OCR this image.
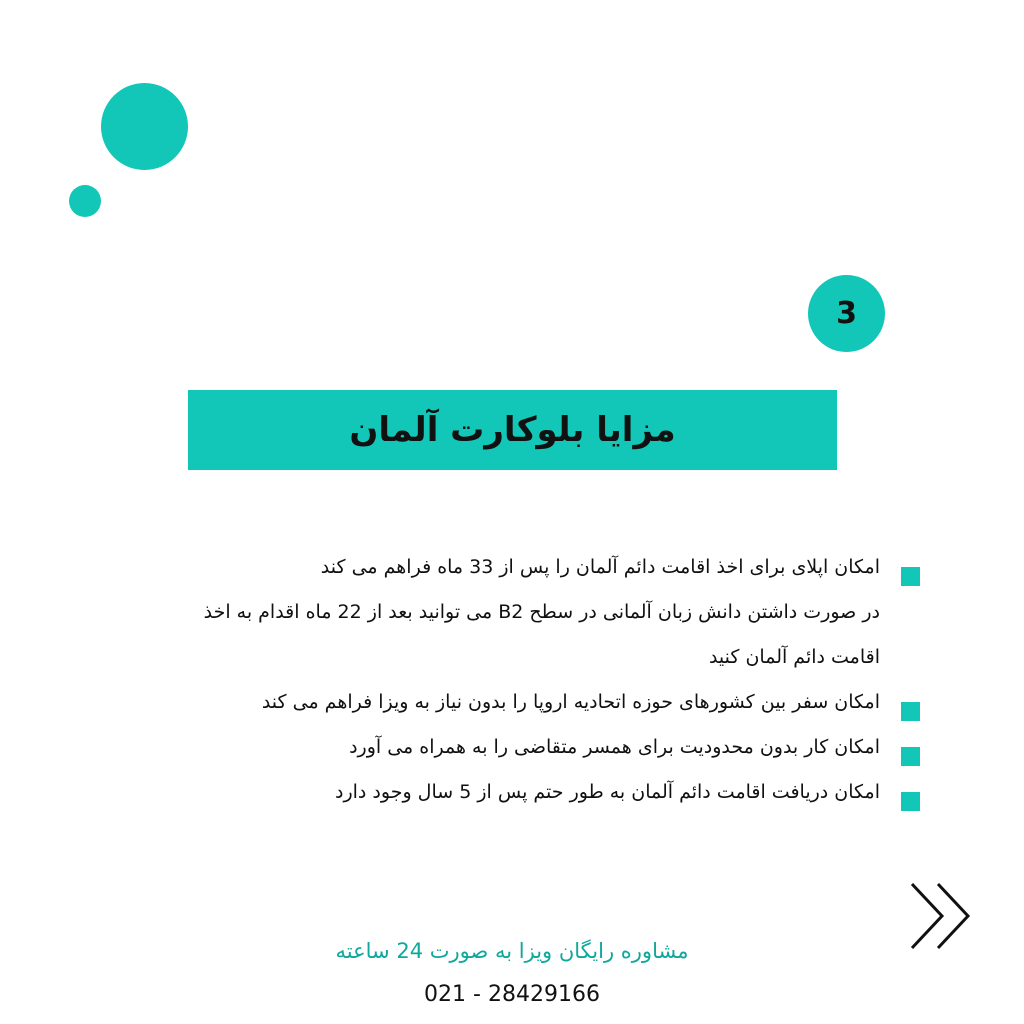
3
مزایا بلوکارت آلمان
امکان اپلای برای اخذ اقامت دائم آلمان را پس از 33 ماه فراهم می کند
در صورت داشتن دانش زبان آلمانی در سطح B2 می توانید بعد از 22 ماه اقدام به اخذ
اقامت دائم آلمان کنید
امکان سفر بین کشورهای حوزه اتحادیه اروپا را بدون نیاز به ویزا فراهم می کند
امکان کار بدون محدودیت برای همسر متقاضی را به همراه می آورد
امکان دریافت اقامت دائم آلمان به طور حتم پس از 5 سال وجود دارد
مشاوره رایگان ویزا به صورت 24 ساعته
021 - 28429166
